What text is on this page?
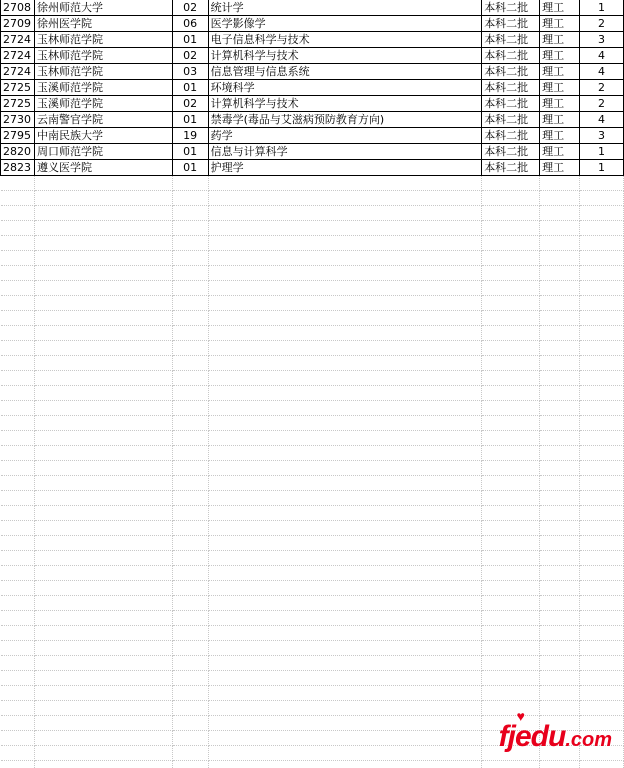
2708	徐州师范大学	02	统计学	本科二批	理工	1
2709	徐州医学院	06	医学影像学	本科二批	理工	2
2724	玉林师范学院	01	电子信息科学与技术	本科二批	理工	3
2724	玉林师范学院	02	计算机科学与技术	本科二批	理工	4
2724	玉林师范学院	03	信息管理与信息系统	本科二批	理工	4
2725	玉溪师范学院	01	环境科学	本科二批	理工	2
2725	玉溪师范学院	02	计算机科学与技术	本科二批	理工	2
2730	云南警官学院	01	禁毒学(毒品与艾滋病预防教育方向)	本科二批	理工	4
2795	中南民族大学	19	药学	本科二批	理工	3
2820	周口师范学院	01	信息与计算科学	本科二批	理工	1
2823	遵义医学院	01	护理学	本科二批	理工	1

♥
fjedu .com
